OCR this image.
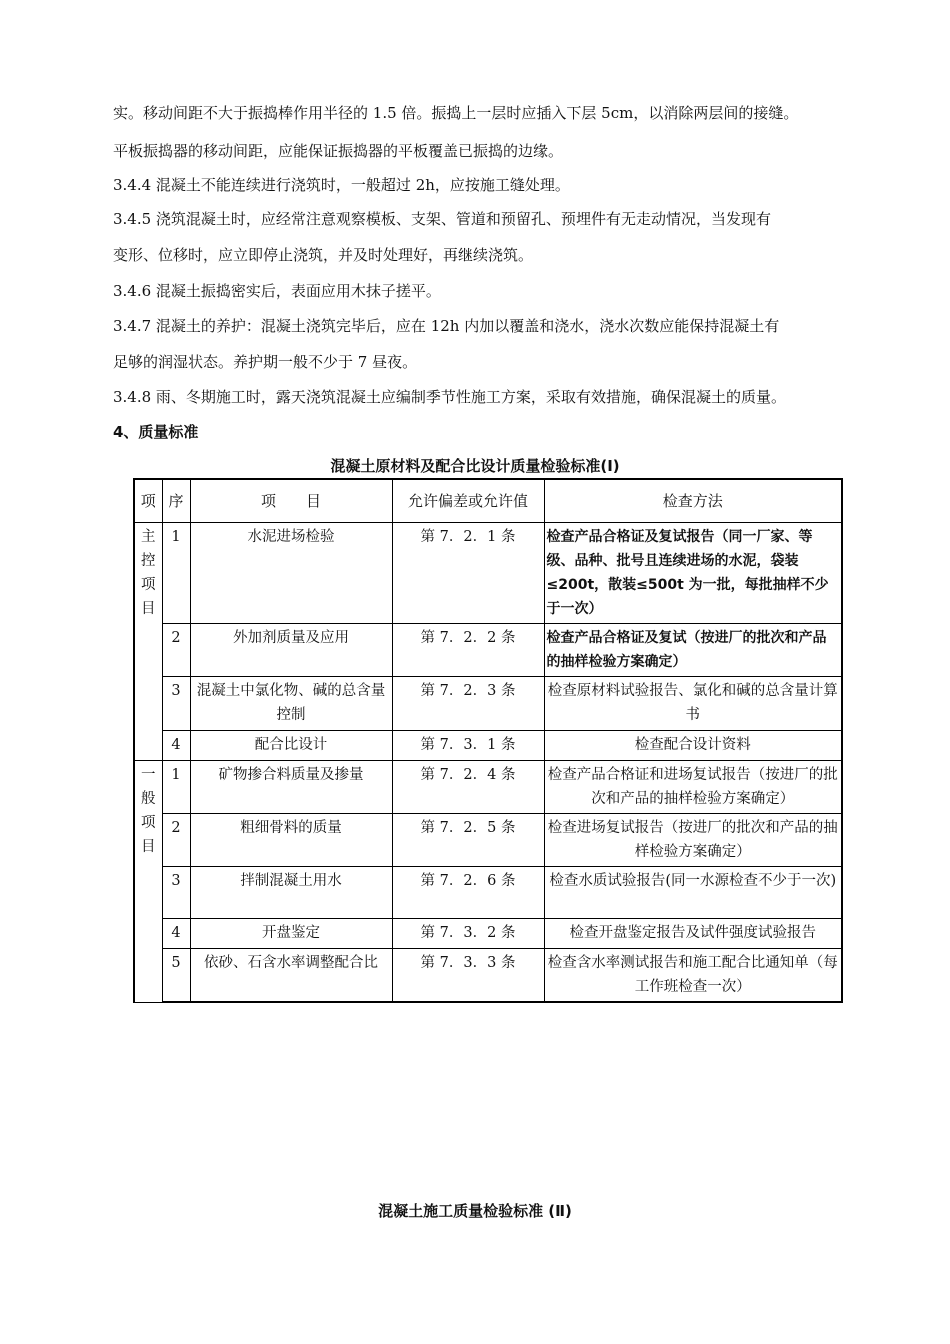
实。移动间距不大于振捣棒作用半径的 1.5 倍。振捣上一层时应插入下层 5cm，以消除两层间的接缝。
平板振捣器的移动间距，应能保证振捣器的平板覆盖已振捣的边缘。
3.4.4 混凝土不能连续进行浇筑时，一般超过 2h，应按施工缝处理。
3.4.5 浇筑混凝土时，应经常注意观察模板、支架、管道和预留孔、预埋件有无走动情况，当发现有
变形、位移时，应立即停止浇筑，并及时处理好，再继续浇筑。
3.4.6 混凝土振捣密实后，表面应用木抹子搓平。
3.4.7 混凝土的养护：混凝土浇筑完毕后，应在 12h 内加以覆盖和浇水，浇水次数应能保持混凝土有
足够的润湿状态。养护期一般不少于 7 昼夜。
3.4.8 雨、冬期施工时，露天浇筑混凝土应编制季节性施工方案，采取有效措施，确保混凝土的质量。
4、质量标准
混凝土原材料及配合比设计质量检验标准(Ⅰ)
项	序	项　　目	允许偏差或允许值	检查方法
主控项目	1	水泥进场检验	第 7．2．1 条	检查产品合格证及复试报告（同一厂家、等级、品种、批号且连续进场的水泥，袋装≤200t，散装≤500t 为一批，每批抽样不少于一次）
	2	外加剂质量及应用	第 7．2．2 条	检查产品合格证及复试（按进厂的批次和产品的抽样检验方案确定）
	3	混凝土中氯化物、碱的总含量控制	第 7．2．3 条	检查原材料试验报告、氯化和碱的总含量计算书
	4	配合比设计	第 7．3．1 条	检查配合设计资料
一般项目	1	矿物掺合料质量及掺量	第 7．2．4 条	检查产品合格证和进场复试报告（按进厂的批次和产品的抽样检验方案确定）
	2	粗细骨料的质量	第 7．2．5 条	检查进场复试报告（按进厂的批次和产品的抽样检验方案确定）
	3	拌制混凝土用水	第 7．2．6 条	检查水质试验报告(同一水源检查不少于一次)
	4	开盘鉴定	第 7．3．2 条	检查开盘鉴定报告及试件强度试验报告
	5	依砂、石含水率调整配合比	第 7．3．3 条	检查含水率测试报告和施工配合比通知单（每工作班检查一次）
混凝土施工质量检验标准 (Ⅱ)
